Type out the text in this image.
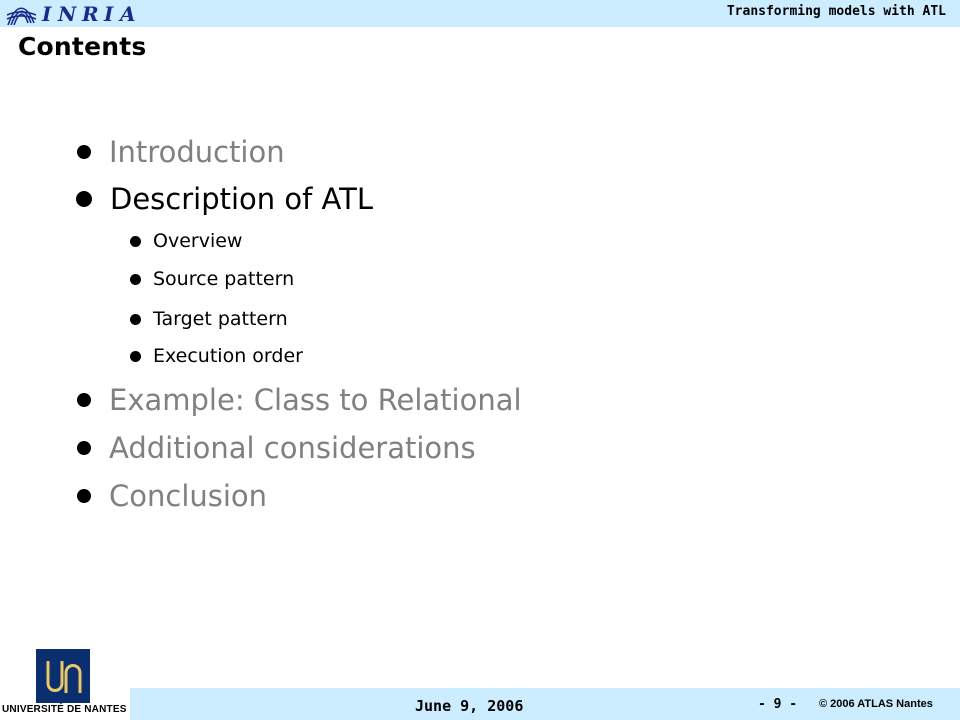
I N R I A	Transforming models with ATL
Contents
Introduction
Description of ATL
Overview
Source pattern
Target pattern
Execution order
Example: Class to Relational
Additional considerations
Conclusion
UNIVERSITÉ DE NANTES	June 9, 2006	- 9 - © 2006 ATLAS Nantes
